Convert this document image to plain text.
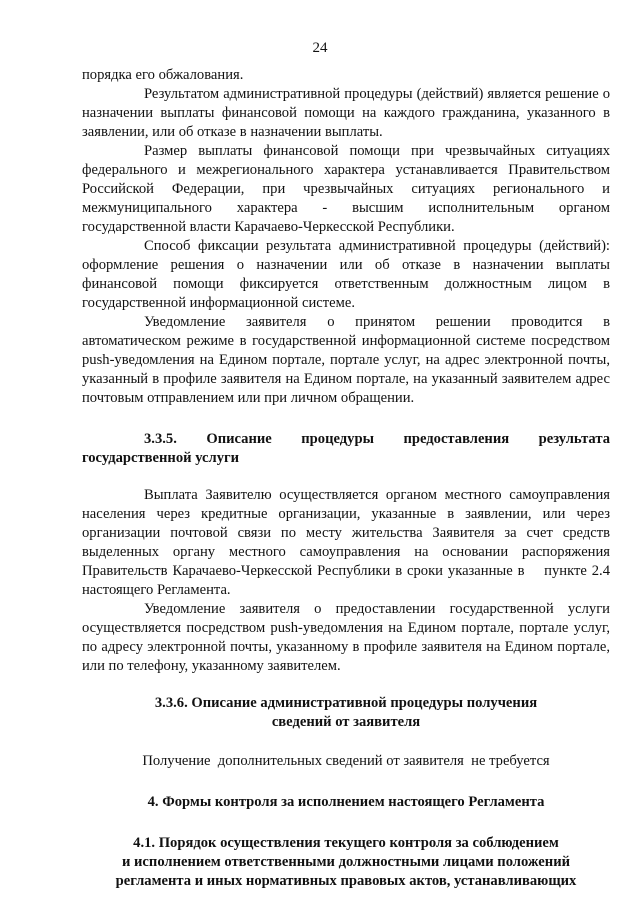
24

порядка его обжалования.

Результатом административной процедуры (действий) является решение о назначении выплаты финансовой помощи на каждого гражданина, указанного в заявлении, или об отказе в назначении выплаты.

Размер выплаты финансовой помощи при чрезвычайных ситуациях федерального и межрегионального характера устанавливается Правительством Российской Федерации, при чрезвычайных ситуациях регионального и межмуниципального характера - высшим исполнительным органом государственной власти Карачаево-Черкесской Республики.

Способ фиксации результата административной процедуры (действий): оформление решения о назначении или об отказе в назначении выплаты финансовой помощи фиксируется ответственным должностным лицом в государственной информационной системе.

Уведомление заявителя о принятом решении проводится в автоматическом режиме в государственной информационной системе посредством push-уведомления на Едином портале, портале услуг, на адрес электронной почты, указанный в профиле заявителя на Едином портале, на указанный заявителем адрес почтовым отправлением или при личном обращении.

3.3.5.    Описание    процедуры    предоставления    результата

государственной услуги

Выплата Заявителю осуществляется органом местного самоуправления населения через кредитные организации, указанные в заявлении, или через организации почтовой связи по месту жительства Заявителя за счет средств выделенных органу местного самоуправления на основании распоряжения Правительств Карачаево-Черкесской Республики в сроки указанные в    пункте 2.4 настоящего Регламента.

Уведомление заявителя о предоставлении государственной услуги осуществляется посредством push-уведомления на Едином портале, портале услуг, по адресу электронной почты, указанному в профиле заявителя на Едином портале, или по телефону, указанному заявителем.

3.3.6. Описание административной процедуры получения

сведений от заявителя

Получение  дополнительных сведений от заявителя  не требуется

4. Формы контроля за исполнением настоящего Регламента

4.1. Порядок осуществления текущего контроля за соблюдением

и исполнением ответственными должностными лицами положений

регламента и иных нормативных правовых актов, устанавливающих
